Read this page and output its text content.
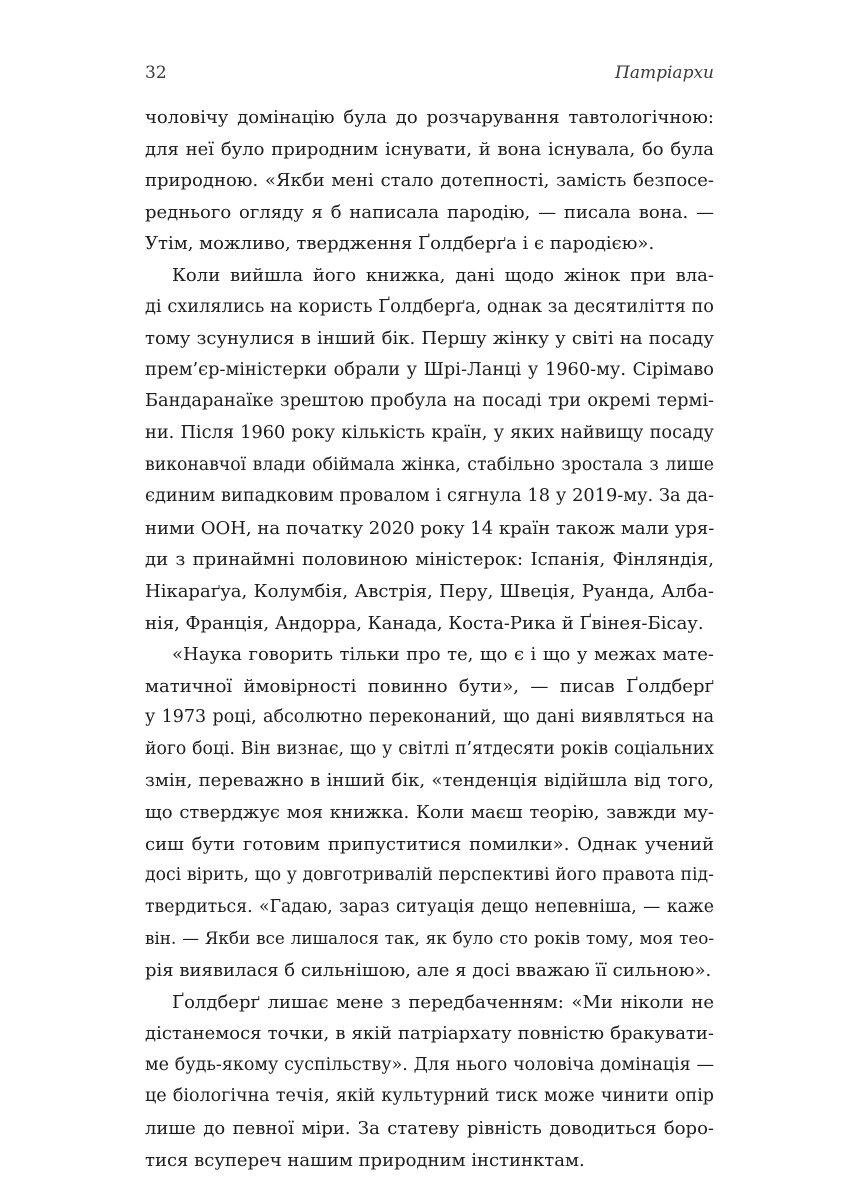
32	Патріархи
чоловічу домінацію була до розчарування тавтологічною:
для неї було природним існувати, й вона існувала, бо була
природною. «Якби мені стало дотепності, замість безпосе-
реднього огляду я б написала пародію, — писала вона. —
Утім, можливо, твердження Ґолдберґа і є пародією».
Коли вийшла його книжка, дані щодо жінок при вла-
ді схилялись на користь Ґолдберґа, однак за десятиліття по
тому зсунулися в інший бік. Першу жінку у світі на посаду
прем’єр-міністерки обрали у Шрі-Ланці у 1960-му. Сірімаво
Бандаранаїке зрештою пробула на посаді три окремі термі-
ни. Після 1960 року кількість країн, у яких найвищу посаду
виконавчої влади обіймала жінка, стабільно зростала з лише
єдиним випадковим провалом і сягнула 18 у 2019-му. За да-
ними ООН, на початку 2020 року 14 країн також мали уря-
ди з принаймні половиною міністерок: Іспанія, Фінляндія,
Нікараґуа, Колумбія, Австрія, Перу, Швеція, Руанда, Алба-
нія, Франція, Андорра, Канада, Коста-Рика й Ґвінея-Бісау.
«Наука говорить тільки про те, що є і що у межах мате-
матичної ймовірності повинно бути», — писав Ґолдберґ
у 1973 році, абсолютно переконаний, що дані виявляться на
його боці. Він визнає, що у світлі п’ятдесяти років соціальних
змін, переважно в інший бік, «тенденція відійшла від того,
що стверджує моя книжка. Коли маєш теорію, завжди му-
сиш бути готовим припуститися помилки». Однак учений
досі вірить, що у довготривалій перспективі його правота під-
твердиться. «Гадаю, зараз ситуація дещо непевніша, — каже
він. — Якби все лишалося так, як було сто років тому, моя тео-
рія виявилася б сильнішою, але я досі вважаю її сильною».
Ґолдберґ лишає мене з передбаченням: «Ми ніколи не
дістанемося точки, в якій патріархату повністю бракувати-
ме будь-якому суспільству». Для нього чоловіча домінація —
це біологічна течія, якій культурний тиск може чинити опір
лише до певної міри. За статеву рівність доводиться боро-
тися всупереч нашим природним інстинктам.
